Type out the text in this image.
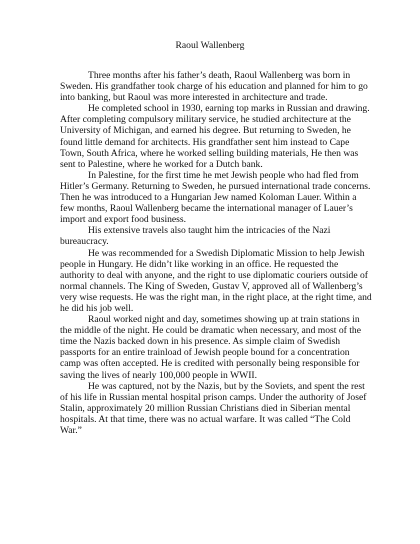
Raoul Wallenberg

Three months after his father’s death, Raoul Wallenberg was born in Sweden. His grandfather took charge of his education and planned for him to go into banking, but Raoul was more interested in architecture and trade.

He completed school in 1930, earning top marks in Russian and drawing. After completing compulsory military service, he studied architecture at the University of Michigan, and earned his degree. But returning to Sweden, he found little demand for architects. His grandfather sent him instead to Cape Town, South Africa, where he worked selling building materials, He then was sent to Palestine, where he worked for a Dutch bank.

In Palestine, for the first time he met Jewish people who had fled from Hitler’s Germany. Returning to Sweden, he pursued international trade concerns. Then he was introduced to a Hungarian Jew named Koloman Lauer. Within a few months, Raoul Wallenberg became the international manager of Lauer’s import and export food business.

His extensive travels also taught him the intricacies of the Nazi bureaucracy.

He was recommended for a Swedish Diplomatic Mission to help Jewish people in Hungary. He didn’t like working in an office. He requested the authority to deal with anyone, and the right to use diplomatic couriers outside of normal channels. The King of Sweden, Gustav V, approved all of Wallenberg’s very wise requests. He was the right man, in the right place, at the right time, and he did his job well.

Raoul worked night and day, sometimes showing up at train stations in the middle of the night. He could be dramatic when necessary, and most of the time the Nazis backed down in his presence. As simple claim of Swedish passports for an entire trainload of Jewish people bound for a concentration camp was often accepted. He is credited with personally being responsible for saving the lives of nearly 100,000 people in WWII.

He was captured, not by the Nazis, but by the Soviets, and spent the rest of his life in Russian mental hospital prison camps. Under the authority of Josef Stalin, approximately 20 million Russian Christians died in Siberian mental hospitals. At that time, there was no actual warfare. It was called “The Cold War.”
